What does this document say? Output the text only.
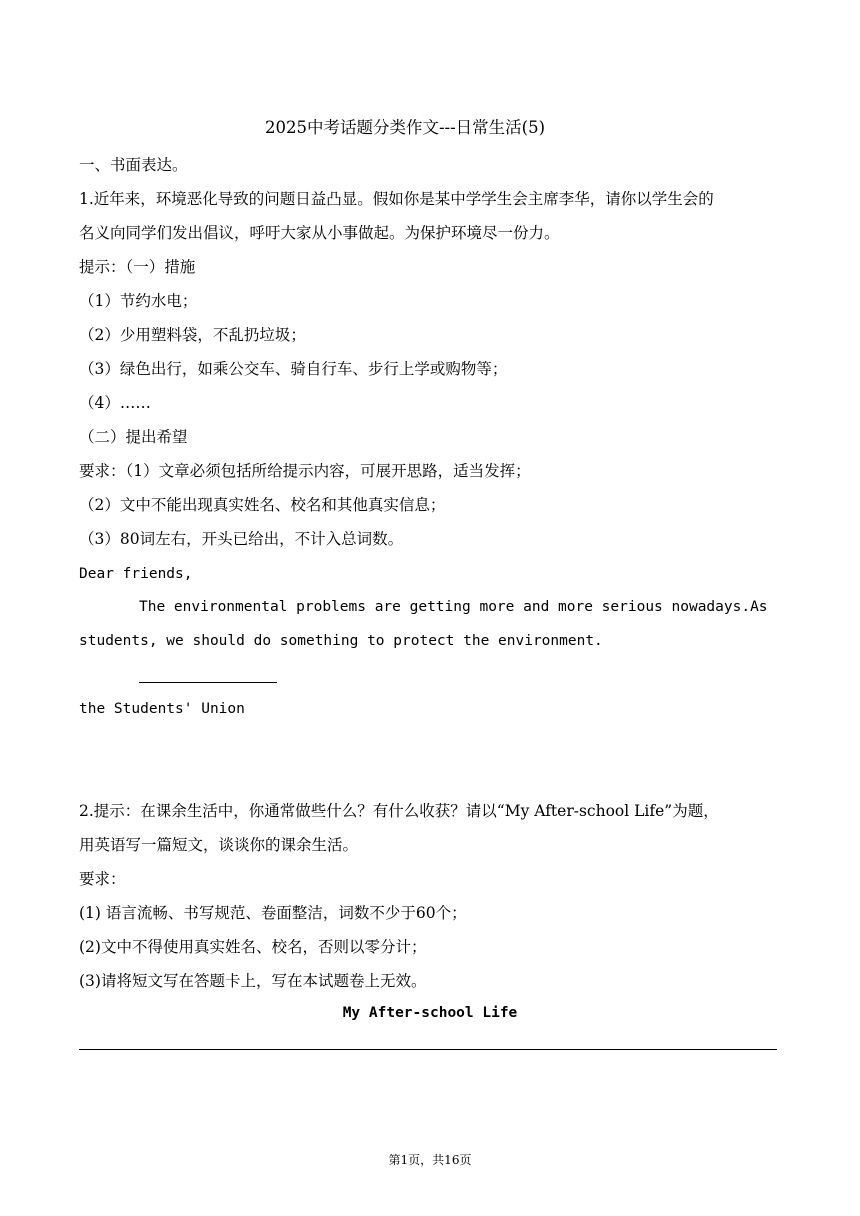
2025中考话题分类作文---日常生活(5)
一、书面表达。
1.近年来，环境恶化导致的问题日益凸显。假如你是某中学学生会主席李华，请你以学生会的
名义向同学们发出倡议，呼吁大家从小事做起。为保护环境尽一份力。
提示：（一）措施
（1）节约水电；
（2）少用塑料袋，不乱扔垃圾；
（3）绿色出行，如乘公交车、骑自行车、步行上学或购物等；
（4）……
（二）提出希望
要求：（1）文章必须包括所给提示内容，可展开思路，适当发挥；
（2）文中不能出现真实姓名、校名和其他真实信息；
（3）80词左右，开头已给出，不计入总词数。
Dear friends,
The environmental problems are getting more and more serious nowadays.As
students, we should do something to protect the environment.
the Students' Union
2.提示：在课余生活中，你通常做些什么？有什么收获？请以“My After-school Life”为题，
用英语写一篇短文，谈谈你的课余生活。
要求：
(1) 语言流畅、书写规范、卷面整洁，词数不少于60个；
(2)文中不得使用真实姓名、校名，否则以零分计；
(3)请将短文写在答题卡上，写在本试题卷上无效。
My After-school Life
第1页，共16页
